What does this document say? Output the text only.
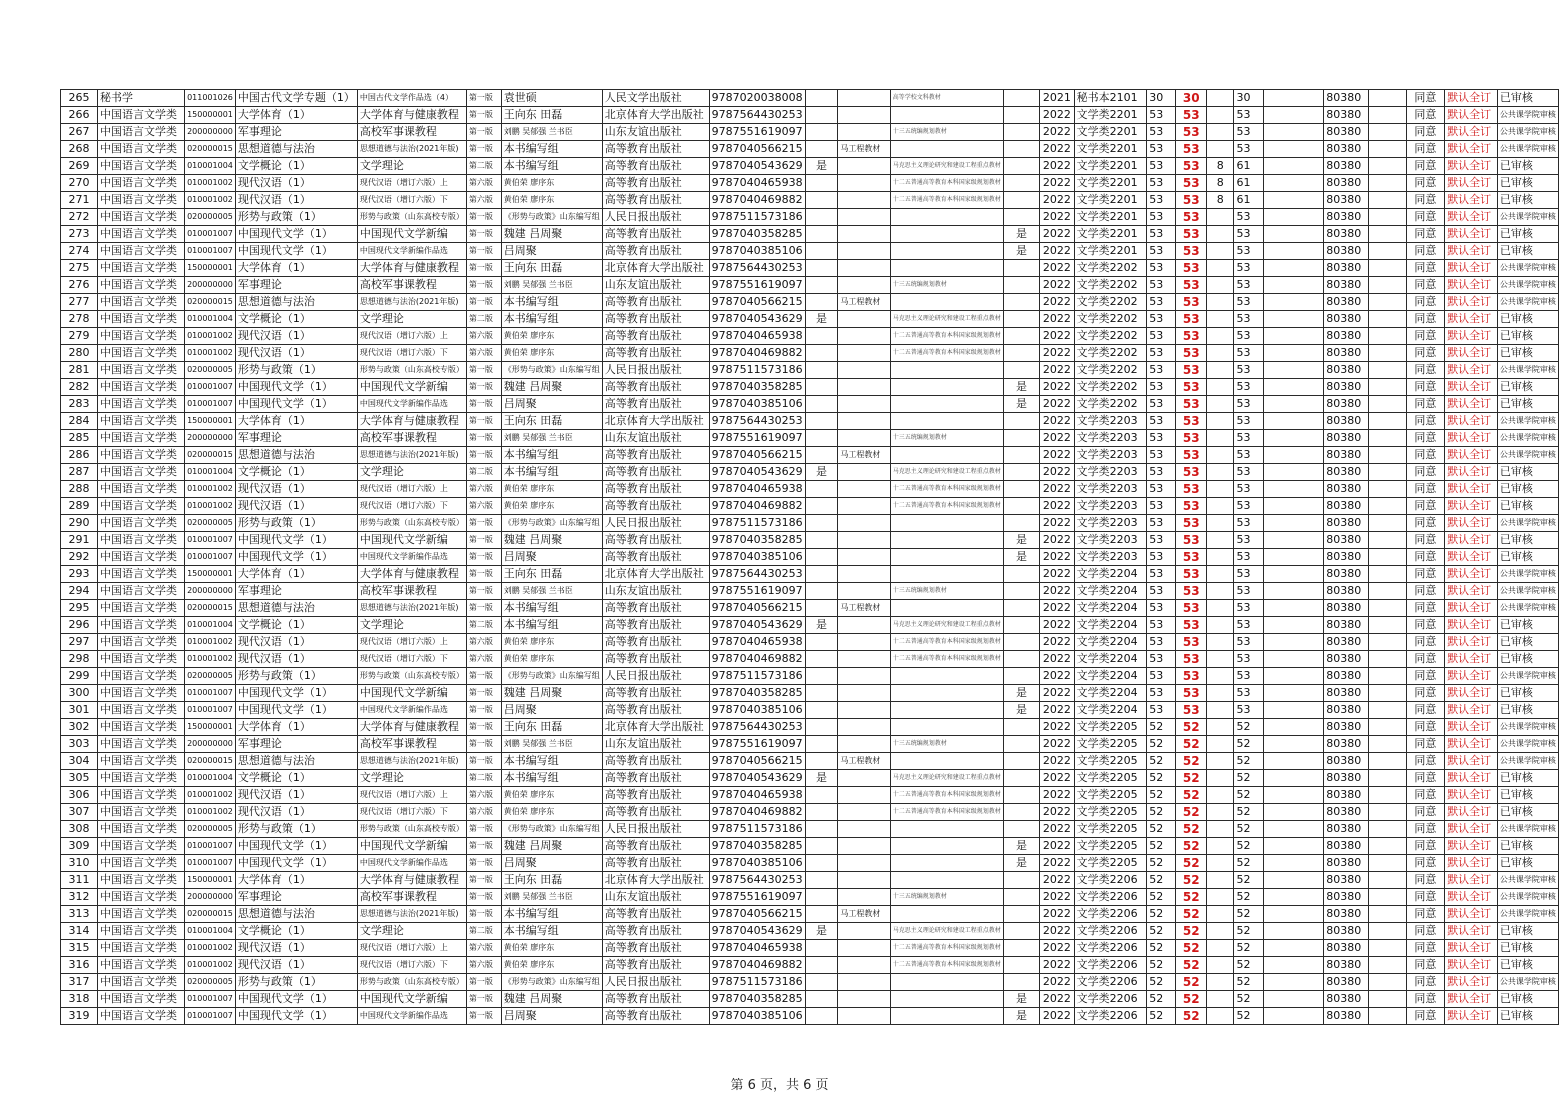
265	秘书学	011001026	中国古代文学专题（1）	中国古代文学作品选（4）	第一版	袁世硕	人民文学出版社	9787020038008			高等学校文科教材		2021	秘书本2101	30	30		30		80380		同意	默认全订	已审核
266	中国语言文学类	150000001	大学体育（1）	大学体育与健康教程	第一版	王向东 田磊	北京体育大学出版社	9787564430253					2022	文学类2201	53	53		53		80380		同意	默认全订	公共课学院审核
267	中国语言文学类	200000000	军事理论	高校军事课教程	第一版	刘鹏 吴郁强 兰书臣	山东友谊出版社	9787551619097			十三五统编规划教材		2022	文学类2201	53	53		53		80380		同意	默认全订	公共课学院审核
268	中国语言文学类	020000015	思想道德与法治	思想道德与法治(2021年版)	第一版	本书编写组	高等教育出版社	9787040566215		马工程教材			2022	文学类2201	53	53		53		80380		同意	默认全订	公共课学院审核
269	中国语言文学类	010001004	文学概论（1）	文学理论	第二版	本书编写组	高等教育出版社	9787040543629	是		马克思主义理论研究和建设工程重点教材		2022	文学类2201	53	53	8	61		80380		同意	默认全订	已审核
270	中国语言文学类	010001002	现代汉语（1）	现代汉语（增订六版）上	第六版	黄伯荣 廖序东	高等教育出版社	9787040465938			十二五普通高等教育本科国家级规划教材		2022	文学类2201	53	53	8	61		80380		同意	默认全订	已审核
271	中国语言文学类	010001002	现代汉语（1）	现代汉语（增订六版）下	第六版	黄伯荣 廖序东	高等教育出版社	9787040469882			十二五普通高等教育本科国家级规划教材		2022	文学类2201	53	53	8	61		80380		同意	默认全订	已审核
272	中国语言文学类	020000005	形势与政策（1）	形势与政策（山东高校专版）	第一版	《形势与政策》山东编写组	人民日报出版社	9787511573186					2022	文学类2201	53	53		53		80380		同意	默认全订	公共课学院审核
273	中国语言文学类	010001007	中国现代文学（1）	中国现代文学新编	第一版	魏建 吕周聚	高等教育出版社	9787040358285				是	2022	文学类2201	53	53		53		80380		同意	默认全订	已审核
274	中国语言文学类	010001007	中国现代文学（1）	中国现代文学新编作品选	第一版	吕周聚	高等教育出版社	9787040385106				是	2022	文学类2201	53	53		53		80380		同意	默认全订	已审核
275	中国语言文学类	150000001	大学体育（1）	大学体育与健康教程	第一版	王向东 田磊	北京体育大学出版社	9787564430253					2022	文学类2202	53	53		53		80380		同意	默认全订	公共课学院审核
276	中国语言文学类	200000000	军事理论	高校军事课教程	第一版	刘鹏 吴郁强 兰书臣	山东友谊出版社	9787551619097			十三五统编规划教材		2022	文学类2202	53	53		53		80380		同意	默认全订	公共课学院审核
277	中国语言文学类	020000015	思想道德与法治	思想道德与法治(2021年版)	第一版	本书编写组	高等教育出版社	9787040566215		马工程教材			2022	文学类2202	53	53		53		80380		同意	默认全订	公共课学院审核
278	中国语言文学类	010001004	文学概论（1）	文学理论	第二版	本书编写组	高等教育出版社	9787040543629	是		马克思主义理论研究和建设工程重点教材		2022	文学类2202	53	53		53		80380		同意	默认全订	已审核
279	中国语言文学类	010001002	现代汉语（1）	现代汉语（增订六版）上	第六版	黄伯荣 廖序东	高等教育出版社	9787040465938			十二五普通高等教育本科国家级规划教材		2022	文学类2202	53	53		53		80380		同意	默认全订	已审核
280	中国语言文学类	010001002	现代汉语（1）	现代汉语（增订六版）下	第六版	黄伯荣 廖序东	高等教育出版社	9787040469882			十二五普通高等教育本科国家级规划教材		2022	文学类2202	53	53		53		80380		同意	默认全订	已审核
281	中国语言文学类	020000005	形势与政策（1）	形势与政策（山东高校专版）	第一版	《形势与政策》山东编写组	人民日报出版社	9787511573186					2022	文学类2202	53	53		53		80380		同意	默认全订	公共课学院审核
282	中国语言文学类	010001007	中国现代文学（1）	中国现代文学新编	第一版	魏建 吕周聚	高等教育出版社	9787040358285				是	2022	文学类2202	53	53		53		80380		同意	默认全订	已审核
283	中国语言文学类	010001007	中国现代文学（1）	中国现代文学新编作品选	第一版	吕周聚	高等教育出版社	9787040385106				是	2022	文学类2202	53	53		53		80380		同意	默认全订	已审核
284	中国语言文学类	150000001	大学体育（1）	大学体育与健康教程	第一版	王向东 田磊	北京体育大学出版社	9787564430253					2022	文学类2203	53	53		53		80380		同意	默认全订	公共课学院审核
285	中国语言文学类	200000000	军事理论	高校军事课教程	第一版	刘鹏 吴郁强 兰书臣	山东友谊出版社	9787551619097			十三五统编规划教材		2022	文学类2203	53	53		53		80380		同意	默认全订	公共课学院审核
286	中国语言文学类	020000015	思想道德与法治	思想道德与法治(2021年版)	第一版	本书编写组	高等教育出版社	9787040566215		马工程教材			2022	文学类2203	53	53		53		80380		同意	默认全订	公共课学院审核
287	中国语言文学类	010001004	文学概论（1）	文学理论	第二版	本书编写组	高等教育出版社	9787040543629	是		马克思主义理论研究和建设工程重点教材		2022	文学类2203	53	53		53		80380		同意	默认全订	已审核
288	中国语言文学类	010001002	现代汉语（1）	现代汉语（增订六版）上	第六版	黄伯荣 廖序东	高等教育出版社	9787040465938			十二五普通高等教育本科国家级规划教材		2022	文学类2203	53	53		53		80380		同意	默认全订	已审核
289	中国语言文学类	010001002	现代汉语（1）	现代汉语（增订六版）下	第六版	黄伯荣 廖序东	高等教育出版社	9787040469882			十二五普通高等教育本科国家级规划教材		2022	文学类2203	53	53		53		80380		同意	默认全订	已审核
290	中国语言文学类	020000005	形势与政策（1）	形势与政策（山东高校专版）	第一版	《形势与政策》山东编写组	人民日报出版社	9787511573186					2022	文学类2203	53	53		53		80380		同意	默认全订	公共课学院审核
291	中国语言文学类	010001007	中国现代文学（1）	中国现代文学新编	第一版	魏建 吕周聚	高等教育出版社	9787040358285				是	2022	文学类2203	53	53		53		80380		同意	默认全订	已审核
292	中国语言文学类	010001007	中国现代文学（1）	中国现代文学新编作品选	第一版	吕周聚	高等教育出版社	9787040385106				是	2022	文学类2203	53	53		53		80380		同意	默认全订	已审核
293	中国语言文学类	150000001	大学体育（1）	大学体育与健康教程	第一版	王向东 田磊	北京体育大学出版社	9787564430253					2022	文学类2204	53	53		53		80380		同意	默认全订	公共课学院审核
294	中国语言文学类	200000000	军事理论	高校军事课教程	第一版	刘鹏 吴郁强 兰书臣	山东友谊出版社	9787551619097			十三五统编规划教材		2022	文学类2204	53	53		53		80380		同意	默认全订	公共课学院审核
295	中国语言文学类	020000015	思想道德与法治	思想道德与法治(2021年版)	第一版	本书编写组	高等教育出版社	9787040566215		马工程教材			2022	文学类2204	53	53		53		80380		同意	默认全订	公共课学院审核
296	中国语言文学类	010001004	文学概论（1）	文学理论	第二版	本书编写组	高等教育出版社	9787040543629	是		马克思主义理论研究和建设工程重点教材		2022	文学类2204	53	53		53		80380		同意	默认全订	已审核
297	中国语言文学类	010001002	现代汉语（1）	现代汉语（增订六版）上	第六版	黄伯荣 廖序东	高等教育出版社	9787040465938			十二五普通高等教育本科国家级规划教材		2022	文学类2204	53	53		53		80380		同意	默认全订	已审核
298	中国语言文学类	010001002	现代汉语（1）	现代汉语（增订六版）下	第六版	黄伯荣 廖序东	高等教育出版社	9787040469882			十二五普通高等教育本科国家级规划教材		2022	文学类2204	53	53		53		80380		同意	默认全订	已审核
299	中国语言文学类	020000005	形势与政策（1）	形势与政策（山东高校专版）	第一版	《形势与政策》山东编写组	人民日报出版社	9787511573186					2022	文学类2204	53	53		53		80380		同意	默认全订	公共课学院审核
300	中国语言文学类	010001007	中国现代文学（1）	中国现代文学新编	第一版	魏建 吕周聚	高等教育出版社	9787040358285				是	2022	文学类2204	53	53		53		80380		同意	默认全订	已审核
301	中国语言文学类	010001007	中国现代文学（1）	中国现代文学新编作品选	第一版	吕周聚	高等教育出版社	9787040385106				是	2022	文学类2204	53	53		53		80380		同意	默认全订	已审核
302	中国语言文学类	150000001	大学体育（1）	大学体育与健康教程	第一版	王向东 田磊	北京体育大学出版社	9787564430253					2022	文学类2205	52	52		52		80380		同意	默认全订	公共课学院审核
303	中国语言文学类	200000000	军事理论	高校军事课教程	第一版	刘鹏 吴郁强 兰书臣	山东友谊出版社	9787551619097			十三五统编规划教材		2022	文学类2205	52	52		52		80380		同意	默认全订	公共课学院审核
304	中国语言文学类	020000015	思想道德与法治	思想道德与法治(2021年版)	第一版	本书编写组	高等教育出版社	9787040566215		马工程教材			2022	文学类2205	52	52		52		80380		同意	默认全订	公共课学院审核
305	中国语言文学类	010001004	文学概论（1）	文学理论	第二版	本书编写组	高等教育出版社	9787040543629	是		马克思主义理论研究和建设工程重点教材		2022	文学类2205	52	52		52		80380		同意	默认全订	已审核
306	中国语言文学类	010001002	现代汉语（1）	现代汉语（增订六版）上	第六版	黄伯荣 廖序东	高等教育出版社	9787040465938			十二五普通高等教育本科国家级规划教材		2022	文学类2205	52	52		52		80380		同意	默认全订	已审核
307	中国语言文学类	010001002	现代汉语（1）	现代汉语（增订六版）下	第六版	黄伯荣 廖序东	高等教育出版社	9787040469882			十二五普通高等教育本科国家级规划教材		2022	文学类2205	52	52		52		80380		同意	默认全订	已审核
308	中国语言文学类	020000005	形势与政策（1）	形势与政策（山东高校专版）	第一版	《形势与政策》山东编写组	人民日报出版社	9787511573186					2022	文学类2205	52	52		52		80380		同意	默认全订	公共课学院审核
309	中国语言文学类	010001007	中国现代文学（1）	中国现代文学新编	第一版	魏建 吕周聚	高等教育出版社	9787040358285				是	2022	文学类2205	52	52		52		80380		同意	默认全订	已审核
310	中国语言文学类	010001007	中国现代文学（1）	中国现代文学新编作品选	第一版	吕周聚	高等教育出版社	9787040385106				是	2022	文学类2205	52	52		52		80380		同意	默认全订	已审核
311	中国语言文学类	150000001	大学体育（1）	大学体育与健康教程	第一版	王向东 田磊	北京体育大学出版社	9787564430253					2022	文学类2206	52	52		52		80380		同意	默认全订	公共课学院审核
312	中国语言文学类	200000000	军事理论	高校军事课教程	第一版	刘鹏 吴郁强 兰书臣	山东友谊出版社	9787551619097			十三五统编规划教材		2022	文学类2206	52	52		52		80380		同意	默认全订	公共课学院审核
313	中国语言文学类	020000015	思想道德与法治	思想道德与法治(2021年版)	第一版	本书编写组	高等教育出版社	9787040566215		马工程教材			2022	文学类2206	52	52		52		80380		同意	默认全订	公共课学院审核
314	中国语言文学类	010001004	文学概论（1）	文学理论	第二版	本书编写组	高等教育出版社	9787040543629	是		马克思主义理论研究和建设工程重点教材		2022	文学类2206	52	52		52		80380		同意	默认全订	已审核
315	中国语言文学类	010001002	现代汉语（1）	现代汉语（增订六版）上	第六版	黄伯荣 廖序东	高等教育出版社	9787040465938			十二五普通高等教育本科国家级规划教材		2022	文学类2206	52	52		52		80380		同意	默认全订	已审核
316	中国语言文学类	010001002	现代汉语（1）	现代汉语（增订六版）下	第六版	黄伯荣 廖序东	高等教育出版社	9787040469882			十二五普通高等教育本科国家级规划教材		2022	文学类2206	52	52		52		80380		同意	默认全订	已审核
317	中国语言文学类	020000005	形势与政策（1）	形势与政策（山东高校专版）	第一版	《形势与政策》山东编写组	人民日报出版社	9787511573186					2022	文学类2206	52	52		52		80380		同意	默认全订	公共课学院审核
318	中国语言文学类	010001007	中国现代文学（1）	中国现代文学新编	第一版	魏建 吕周聚	高等教育出版社	9787040358285				是	2022	文学类2206	52	52		52		80380		同意	默认全订	已审核
319	中国语言文学类	010001007	中国现代文学（1）	中国现代文学新编作品选	第一版	吕周聚	高等教育出版社	9787040385106				是	2022	文学类2206	52	52		52		80380		同意	默认全订	已审核
第 6 页，共 6 页
